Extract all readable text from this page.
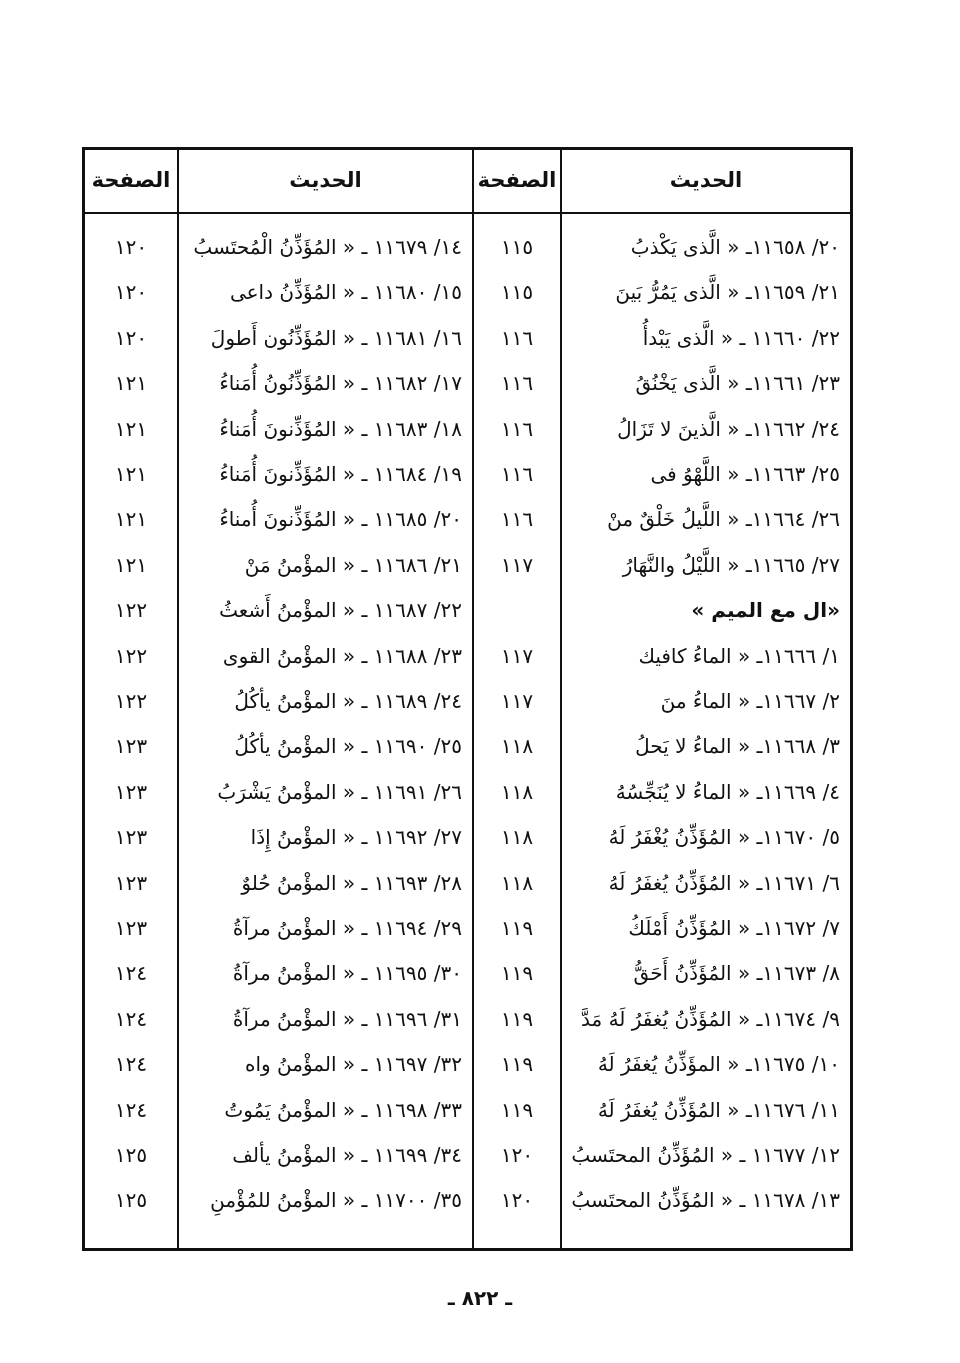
الحديث
الصفحة
الحديث
الصفحة
٢٠/ ١١٦٥٨ـ « الَّذى يَكْذبُ
١١٥
١٤/ ١١٦٧٩ ـ « المُؤَذِّنُ الْمُحتَسبُ
١٢٠
٢١/ ١١٦٥٩ـ « الَّذى يَمُرُّ بَينَ
١١٥
١٥/ ١١٦٨٠ ـ « المُؤَذِّنُ داعى
١٢٠
٢٢/ ١١٦٦٠ ـ « الَّذى يَبْدأُ
١١٦
١٦/ ١١٦٨١ ـ « المُؤَذِّنُون أَطولَ
١٢٠
٢٣/ ١١٦٦١ـ « الَّذى يَخْنُقُ
١١٦
١٧/ ١١٦٨٢ ـ « المُؤَذِّنُونُ أُمَناءُ
١٢١
٢٤/ ١١٦٦٢ـ « الَّذينَ لا تَزَالُ
١١٦
١٨/ ١١٦٨٣ ـ « المُؤَذِّنونَ أُمَناءُ
١٢١
٢٥/ ١١٦٦٣ـ « اللَّهْوُ فى
١١٦
١٩/ ١١٦٨٤ ـ « المُؤَذِّنونَ أُمَناءُ
١٢١
٢٦/ ١١٦٦٤ـ « اللَّيلُ خَلْقٌ منْ
١١٦
٢٠/ ١١٦٨٥ ـ « المُؤَذِّنونَ أُمناءُ
١٢١
٢٧/ ١١٦٦٥ـ « اللَّيْلُ والنَّهَارُ
١١٧
٢١/ ١١٦٨٦ ـ « المؤْمنُ مَنْ
١٢١
«ال مع الميم »
٢٢/ ١١٦٨٧ ـ « المؤْمنُ أَشعثُ
١٢٢
١/ ١١٦٦٦ـ « الماءُ كافيك
١١٧
٢٣/ ١١٦٨٨ ـ « المؤْمنُ القوى
١٢٢
٢/ ١١٦٦٧ـ « الماءُ منَ
١١٧
٢٤/ ١١٦٨٩ ـ « المؤْمنُ يأكُلُ
١٢٢
٣/ ١١٦٦٨ـ « الماءُ لا يَحلُ
١١٨
٢٥/ ١١٦٩٠ ـ « المؤْمنُ يأكُلُ
١٢٣
٤/ ١١٦٦٩ـ « الماءُ لا يُنَجِّسُهُ
١١٨
٢٦/ ١١٦٩١ ـ « المؤْمنُ يَشْرَبُ
١٢٣
٥/ ١١٦٧٠ـ « المُؤَذِّنُ يُغْفَرُ لَهُ
١١٨
٢٧/ ١١٦٩٢ ـ « المؤْمنُ إِذَا
١٢٣
٦/ ١١٦٧١ـ « المُؤَذِّنُ يُغفَرُ لَهُ
١١٨
٢٨/ ١١٦٩٣ ـ « المؤْمنُ حُلوٌ
١٢٣
٧/ ١١٦٧٢ـ « المُؤَذِّنُ أَمْلَكُ
١١٩
٢٩/ ١١٦٩٤ ـ « المؤْمنُ مرآةُ
١٢٣
٨/ ١١٦٧٣ـ « المُؤَذِّنُ أَحَقُّ
١١٩
٣٠/ ١١٦٩٥ ـ « المؤْمنُ مرآةُ
١٢٤
٩/ ١١٦٧٤ـ « المُؤَذِّنُ يُغفَرُ لَهُ مَدَّ
١١٩
٣١/ ١١٦٩٦ ـ « المؤْمنُ مرآةُ
١٢٤
١٠/ ١١٦٧٥ـ « المؤَذِّنُ يُغفَرُ لَهُ
١١٩
٣٢/ ١١٦٩٧ ـ « المؤْمنُ واه
١٢٤
١١/ ١١٦٧٦ـ « المُؤَذِّنُ يُغفَرُ لَهُ
١١٩
٣٣/ ١١٦٩٨ ـ « المؤْمنُ يَمُوتُ
١٢٤
١٢/ ١١٦٧٧ ـ « المُؤَذِّنُ المحتَسبُ
١٢٠
٣٤/ ١١٦٩٩ ـ « المؤْمنُ يألف
١٢٥
١٣/ ١١٦٧٨ ـ « المُؤَذِّنُ المحتَسبُ
١٢٠
٣٥/ ١١٧٠٠ ـ « المؤْمنُ للمُؤْمنِ
١٢٥
ـ ٨٢٢ ـ
